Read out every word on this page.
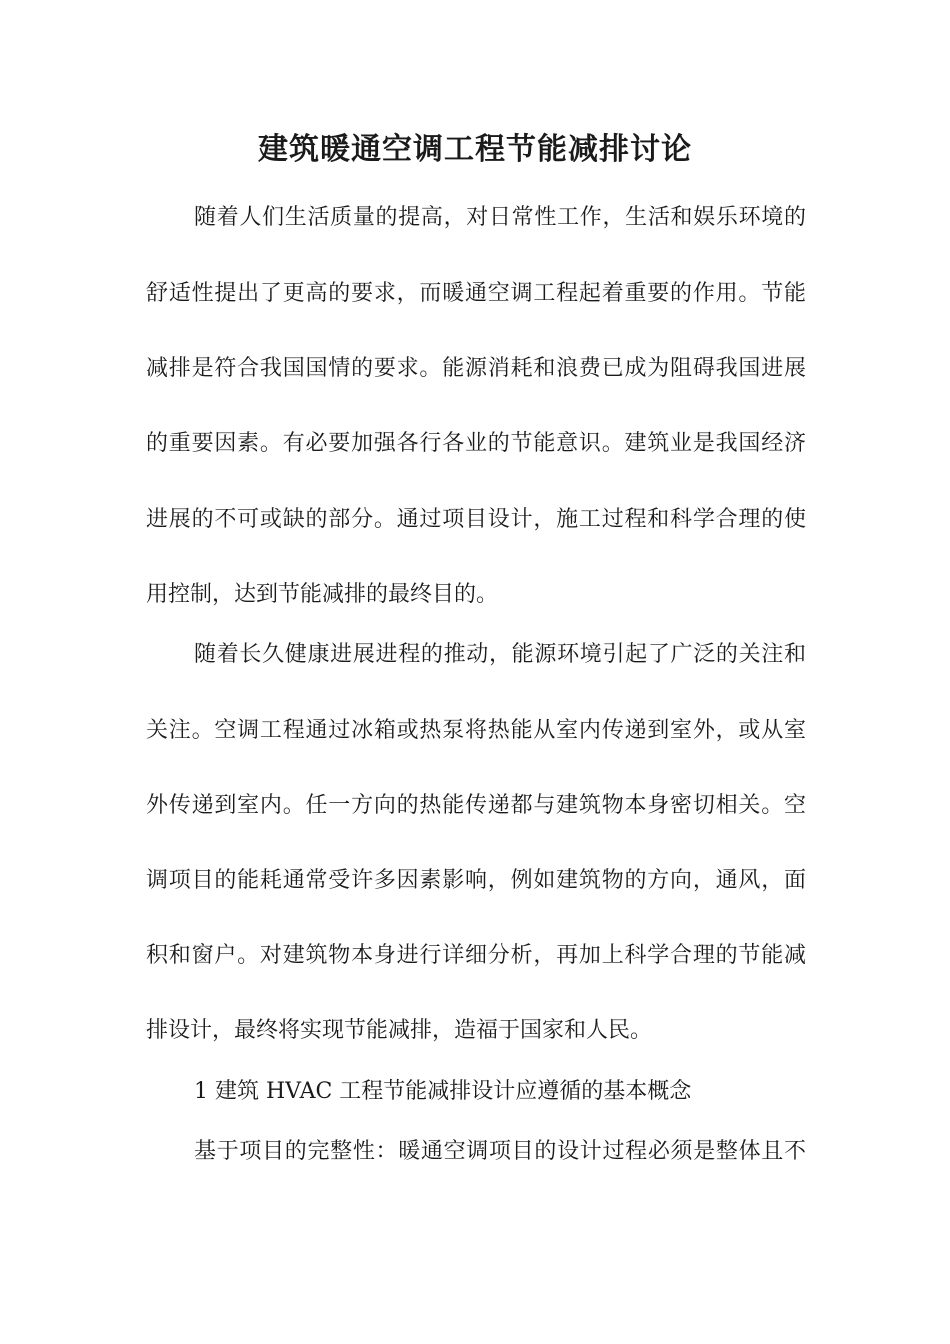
建筑暖通空调工程节能减排讨论
随着人们生活质量的提高，对日常性工作，生活和娱乐环境的
舒适性提出了更高的要求，而暖通空调工程起着重要的作用。节能
减排是符合我国国情的要求。能源消耗和浪费已成为阻碍我国进展
的重要因素。有必要加强各行各业的节能意识。建筑业是我国经济
进展的不可或缺的部分。通过项目设计，施工过程和科学合理的使
用控制，达到节能减排的最终目的。
随着长久健康进展进程的推动，能源环境引起了广泛的关注和
关注。空调工程通过冰箱或热泵将热能从室内传递到室外，或从室
外传递到室内。任一方向的热能传递都与建筑物本身密切相关。空
调项目的能耗通常受许多因素影响，例如建筑物的方向，通风，面
积和窗户。对建筑物本身进行详细分析，再加上科学合理的节能减
排设计，最终将实现节能减排，造福于国家和人民。
1 建筑 HVAC 工程节能减排设计应遵循的基本概念
基于项目的完整性：暖通空调项目的设计过程必须是整体且不
